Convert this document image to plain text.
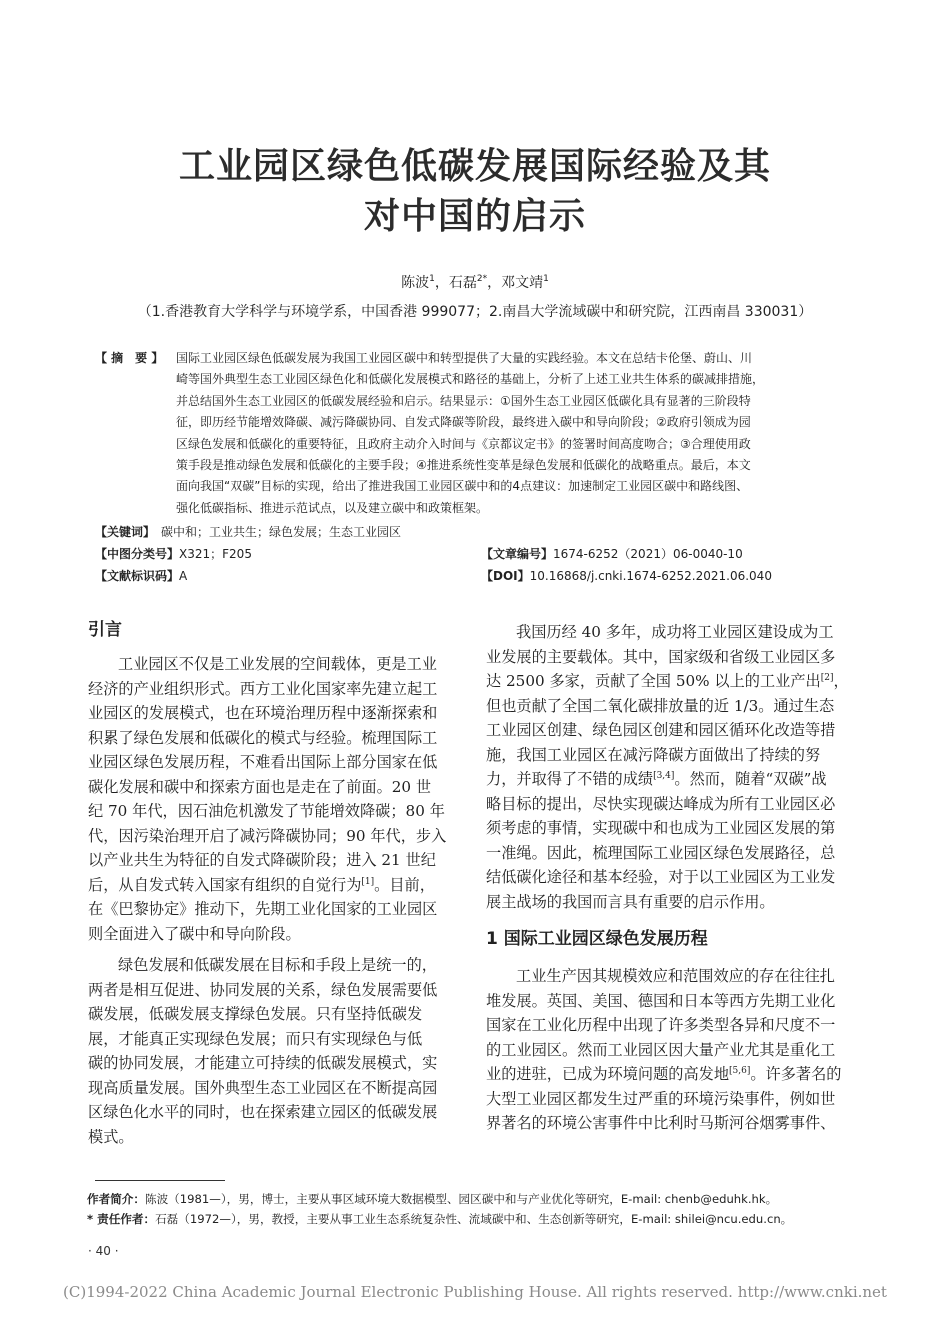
工业园区绿色低碳发展国际经验及其
对中国的启示
陈波$^1$，石磊$^{2*}$，邓文靖$^1$
（1.香港教育大学科学与环境学系，中国香港 999077；2.南昌大学流域碳中和研究院，江西南昌 330031）
【 摘　要 】 国际工业园区绿色低碳发展为我国工业园区碳中和转型提供了大量的实践经验。本文在总结卡伦堡、蔚山、川
崎等国外典型生态工业园区绿色化和低碳化发展模式和路径的基础上，分析了上述工业共生体系的碳减排措施，
并总结国外生态工业园区的低碳发展经验和启示。结果显示：①国外生态工业园区低碳化具有显著的三阶段特
征，即历经节能增效降碳、减污降碳协同、自发式降碳等阶段，最终进入碳中和导向阶段；②政府引领成为园
区绿色发展和低碳化的重要特征，且政府主动介入时间与《京都议定书》的签署时间高度吻合；③合理使用政
策手段是推动绿色发展和低碳化的主要手段；④推进系统性变革是绿色发展和低碳化的战略重点。最后，本文
面向我国“双碳”目标的实现，给出了推进我国工业园区碳中和的4点建议：加速制定工业园区碳中和路线图、
强化低碳指标、推进示范试点，以及建立碳中和政策框架。
【关键词】 碳中和；工业共生；绿色发展；生态工业园区
【中图分类号】X321；F205
【文献标识码】A
【文章编号】1674-6252（2021）06-0040-10
【DOI】10.16868/j.cnki.1674-6252.2021.06.040
引言
工业园区不仅是工业发展的空间载体，更是工业
经济的产业组织形式。西方工业化国家率先建立起工
业园区的发展模式，也在环境治理历程中逐渐探索和
积累了绿色发展和低碳化的模式与经验。梳理国际工
业园区绿色发展历程，不难看出国际上部分国家在低
碳化发展和碳中和探索方面也是走在了前面。20 世
纪 70 年代，因石油危机激发了节能增效降碳；80 年
代，因污染治理开启了减污降碳协同；90 年代，步入
以产业共生为特征的自发式降碳阶段；进入 21 世纪
后，从自发式转入国家有组织的自觉行为[1]。目前，
在《巴黎协定》推动下，先期工业化国家的工业园区
则全面进入了碳中和导向阶段。
绿色发展和低碳发展在目标和手段上是统一的，
两者是相互促进、协同发展的关系，绿色发展需要低
碳发展，低碳发展支撑绿色发展。只有坚持低碳发
展，才能真正实现绿色发展；而只有实现绿色与低
碳的协同发展，才能建立可持续的低碳发展模式，实
现高质量发展。国外典型生态工业园区在不断提高园
区绿色化水平的同时，也在探索建立园区的低碳发展
模式。
我国历经 40 多年，成功将工业园区建设成为工
业发展的主要载体。其中，国家级和省级工业园区多
达 2500 多家，贡献了全国 50% 以上的工业产出[2]，
但也贡献了全国二氧化碳排放量的近 1/3。通过生态
工业园区创建、绿色园区创建和园区循环化改造等措
施，我国工业园区在减污降碳方面做出了持续的努
力，并取得了不错的成绩[3,4]。然而，随着“双碳”战
略目标的提出，尽快实现碳达峰成为所有工业园区必
须考虑的事情，实现碳中和也成为工业园区发展的第
一准绳。因此，梳理国际工业园区绿色发展路径，总
结低碳化途径和基本经验，对于以工业园区为工业发
展主战场的我国而言具有重要的启示作用。
1 国际工业园区绿色发展历程
工业生产因其规模效应和范围效应的存在往往扎
堆发展。英国、美国、德国和日本等西方先期工业化
国家在工业化历程中出现了许多类型各异和尺度不一
的工业园区。然而工业园区因大量产业尤其是重化工
业的进驻，已成为环境问题的高发地[5,6]。许多著名的
大型工业园区都发生过严重的环境污染事件，例如世
界著名的环境公害事件中比利时马斯河谷烟雾事件、
作者简介：陈波（1981—），男，博士，主要从事区域环境大数据模型、园区碳中和与产业优化等研究，E-mail: chenb@eduhk.hk。
* 责任作者：石磊（1972—），男，教授，主要从事工业生态系统复杂性、流域碳中和、生态创新等研究，E-mail: shilei@ncu.edu.cn。
· 40 ·
(C)1994-2022 China Academic Journal Electronic Publishing House. All rights reserved. http://www.cnki.net
